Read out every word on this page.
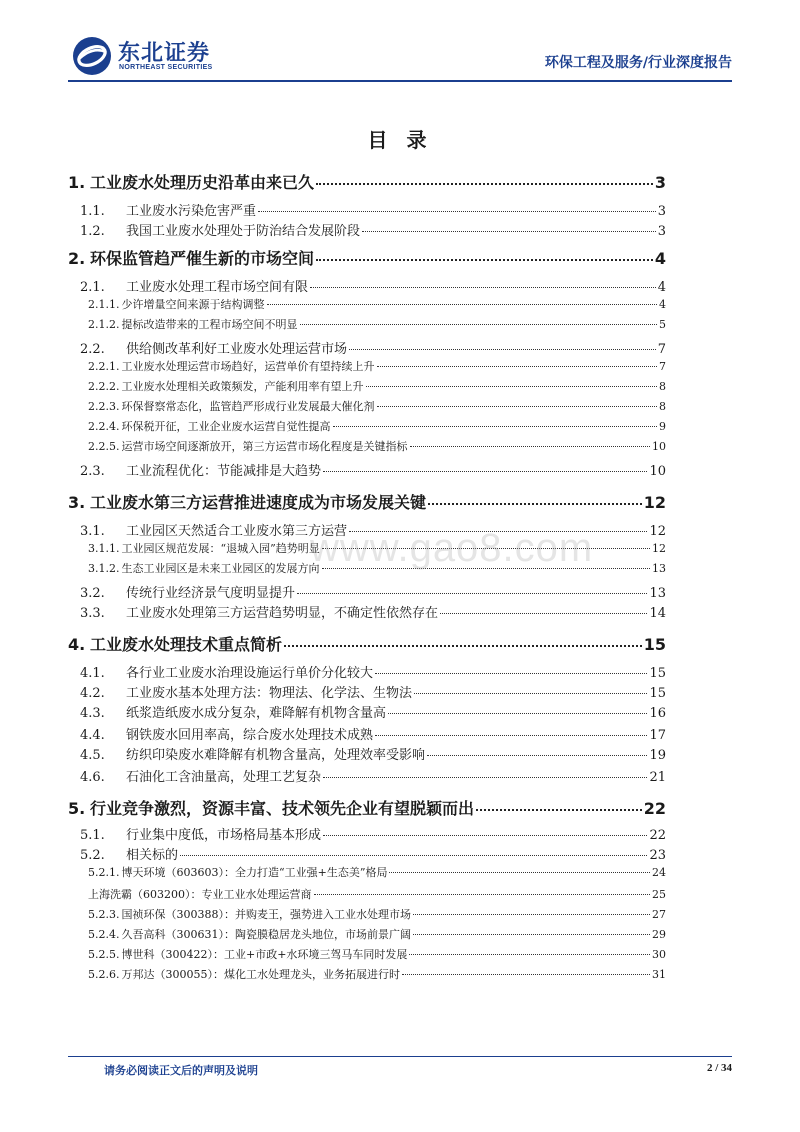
东北证券
NORTHEAST SECURITIES	环保工程及服务/行业深度报告
目 录
1. 工业废水处理历史沿革由来已久	3
1.1.	工业废水污染危害严重	3
1.2.	我国工业废水处理处于防治结合发展阶段	3
2. 环保监管趋严催生新的市场空间	4
2.1.	工业废水处理工程市场空间有限	4
2.1.1. 少许增量空间来源于结构调整	4
2.1.2. 提标改造带来的工程市场空间不明显	5
2.2.	供给侧改革利好工业废水处理运营市场	7
2.2.1. 工业废水处理运营市场趋好，运营单价有望持续上升	7
2.2.2. 工业废水处理相关政策频发，产能利用率有望上升	8
2.2.3. 环保督察常态化，监管趋严形成行业发展最大催化剂	8
2.2.4. 环保税开征，工业企业废水运营自觉性提高	9
2.2.5. 运营市场空间逐渐放开，第三方运营市场化程度是关键指标	10
2.3.	工业流程优化：节能减排是大趋势	10
3. 工业废水第三方运营推进速度成为市场发展关键	12
3.1.	工业园区天然适合工业废水第三方运营	12
3.1.1. 工业园区规范发展：“退城入园”趋势明显	12
3.1.2. 生态工业园区是未来工业园区的发展方向	13
3.2.	传统行业经济景气度明显提升	13
3.3.	工业废水处理第三方运营趋势明显，不确定性依然存在	14
4. 工业废水处理技术重点简析	15
4.1.	各行业工业废水治理设施运行单价分化较大	15
4.2.	工业废水基本处理方法：物理法、化学法、生物法	15
4.3.	纸浆造纸废水成分复杂，难降解有机物含量高	16
4.4.	钢铁废水回用率高，综合废水处理技术成熟	17
4.5.	纺织印染废水难降解有机物含量高，处理效率受影响	19
4.6.	石油化工含油量高，处理工艺复杂	21
5. 行业竞争激烈，资源丰富、技术领先企业有望脱颖而出	22
5.1.	行业集中度低，市场格局基本形成	22
5.2.	相关标的	23
5.2.1. 博天环境（603603）：全力打造“工业强+生态美”格局	24
上海洗霸（603200）：专业工业水处理运营商	25
5.2.3. 国祯环保（300388）：并购麦王，强势进入工业水处理市场	27
5.2.4. 久吾高科（300631）：陶瓷膜稳居龙头地位，市场前景广阔	29
5.2.5. 博世科（300422）：工业+市政+水环境三驾马车同时发展	30
5.2.6. 万邦达（300055）：煤化工水处理龙头，业务拓展进行时	31
www.gao8.com
请务必阅读正文后的声明及说明	2 / 34
